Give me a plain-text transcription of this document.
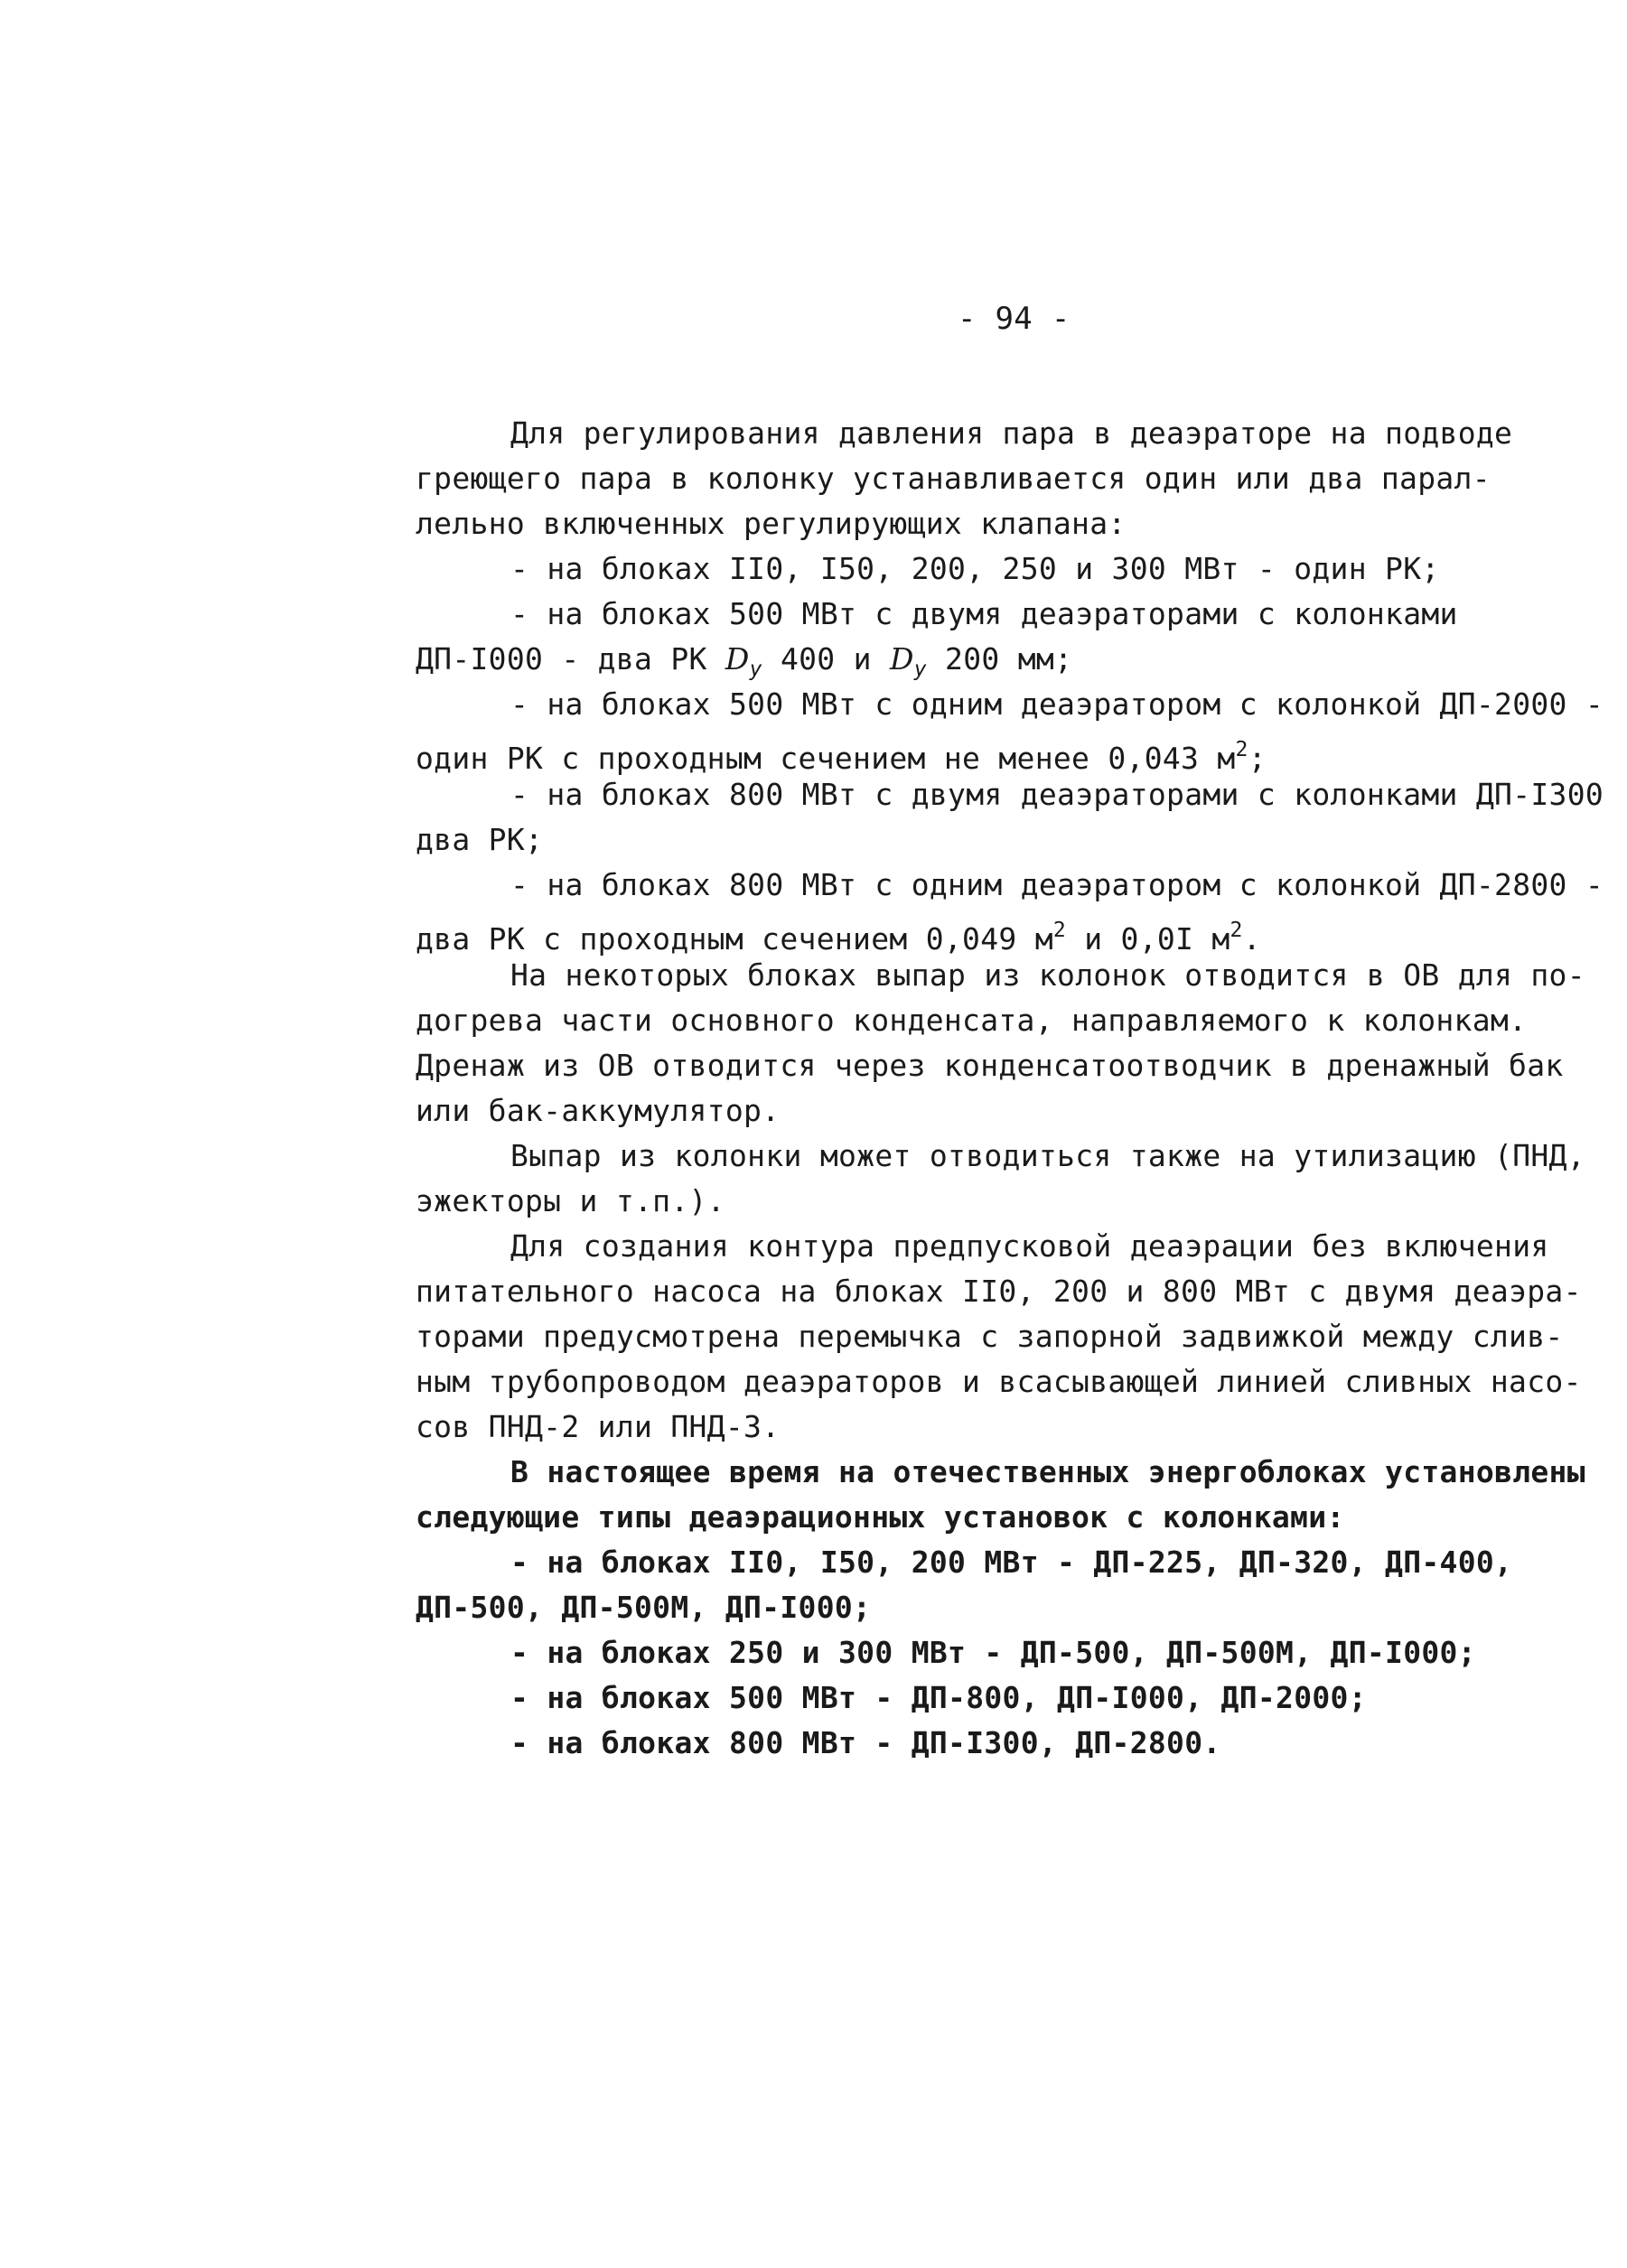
- 94 -
Для регулирования давления пара в деаэраторе на подводе
греющего пара в колонку устанавливается один или два парал-
лельно включенных регулирующих клапана:
- на блоках II0, I50, 200, 250 и 300 МВт - один РК;
- на блоках 500 МВт с двумя деаэраторами с колонками
ДП-I000 - два РК $D_у$ 400 и $D_у$ 200 мм;
- на блоках 500 МВт с одним деаэратором с колонкой ДП-2000 -
один РК с проходным сечением не менее 0,043 $м^2$;
- на блоках 800 МВт с двумя деаэраторами с колонками ДП-I300
два РК;
- на блоках 800 МВт с одним деаэратором с колонкой ДП-2800 -
два РК с проходным сечением 0,049 $м^2$ и 0,0I $м^2$.
На некоторых блоках выпар из колонок отводится в ОВ для по-
догрева части основного конденсата, направляемого к колонкам.
Дренаж из ОВ отводится через конденсатоотводчик в дренажный бак
или бак-аккумулятор.
Выпар из колонки может отводиться также на утилизацию (ПНД,
эжекторы и т.п.).
Для создания контура предпусковой деаэрации без включения
питательного насоса на блоках II0, 200 и 800 МВт с двумя деаэра-
торами предусмотрена перемычка с запорной задвижкой между слив-
ным трубопроводом деаэраторов и всасывающей линией сливных насо-
сов ПНД-2 или ПНД-3.
В настоящее время на отечественных энергоблоках установлены
следующие типы деаэрационных установок с колонками:
- на блоках II0, I50, 200 МВт - ДП-225, ДП-320, ДП-400,
ДП-500, ДП-500М, ДП-I000;
- на блоках 250 и 300 МВт - ДП-500, ДП-500М, ДП-I000;
- на блоках 500 МВт - ДП-800, ДП-I000, ДП-2000;
- на блоках 800 МВт - ДП-I300, ДП-2800.
